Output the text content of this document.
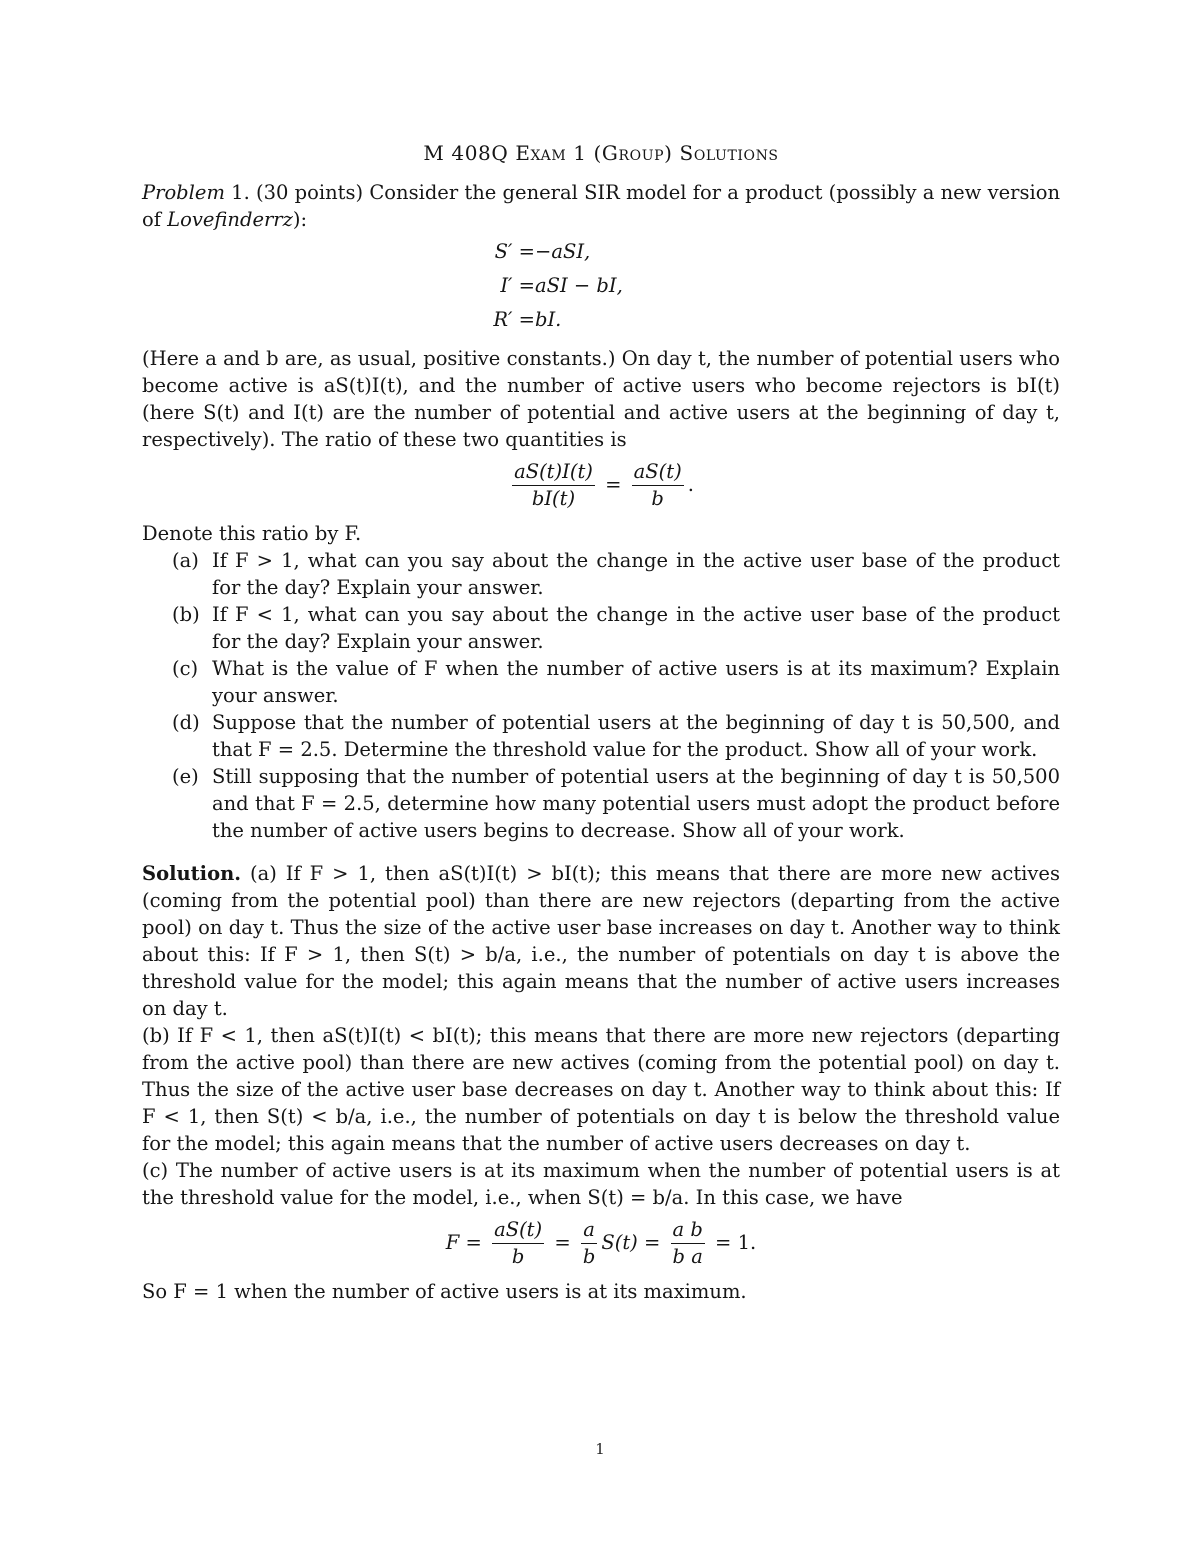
M 408Q Exam 1 (Group) Solutions

Problem 1. (30 points) Consider the general SIR model for a product (possibly a new version of Lovefinderrz):

S′ = −aSI,
I′ = aSI − bI,
R′ = bI.

(Here a and b are, as usual, positive constants.) On day t, the number of potential users who become active is aS(t)I(t), and the number of active users who become rejectors is bI(t) (here S(t) and I(t) are the number of potential and active users at the beginning of day t, respectively). The ratio of these two quantities is

$\frac{aS(t)I(t)}{bI(t)} = \frac{aS(t)}{b}$ .

Denote this ratio by F.

(a) If F > 1, what can you say about the change in the active user base of the product for the day? Explain your answer.
(b) If F < 1, what can you say about the change in the active user base of the product for the day? Explain your answer.
(c) What is the value of F when the number of active users is at its maximum? Explain your answer.
(d) Suppose that the number of potential users at the beginning of day t is 50,500, and that F = 2.5. Determine the threshold value for the product. Show all of your work.
(e) Still supposing that the number of potential users at the beginning of day t is 50,500 and that F = 2.5, determine how many potential users must adopt the product before the number of active users begins to decrease. Show all of your work.

Solution. (a) If F > 1, then aS(t)I(t) > bI(t); this means that there are more new actives (coming from the potential pool) than there are new rejectors (departing from the active pool) on day t. Thus the size of the active user base increases on day t. Another way to think about this: If F > 1, then S(t) > b/a, i.e., the number of potentials on day t is above the threshold value for the model; this again means that the number of active users increases on day t.

(b) If F < 1, then aS(t)I(t) < bI(t); this means that there are more new rejectors (departing from the active pool) than there are new actives (coming from the potential pool) on day t. Thus the size of the active user base decreases on day t. Another way to think about this: If F < 1, then S(t) < b/a, i.e., the number of potentials on day t is below the threshold value for the model; this again means that the number of active users decreases on day t.

(c) The number of active users is at its maximum when the number of potential users is at the threshold value for the model, i.e., when S(t) = b/a. In this case, we have

$F = \frac{aS(t)}{b} = \frac{a}{b} S(t) = \frac{\text{a b}}{\text{b a}} = 1$.

So F = 1 when the number of active users is at its maximum.

1
